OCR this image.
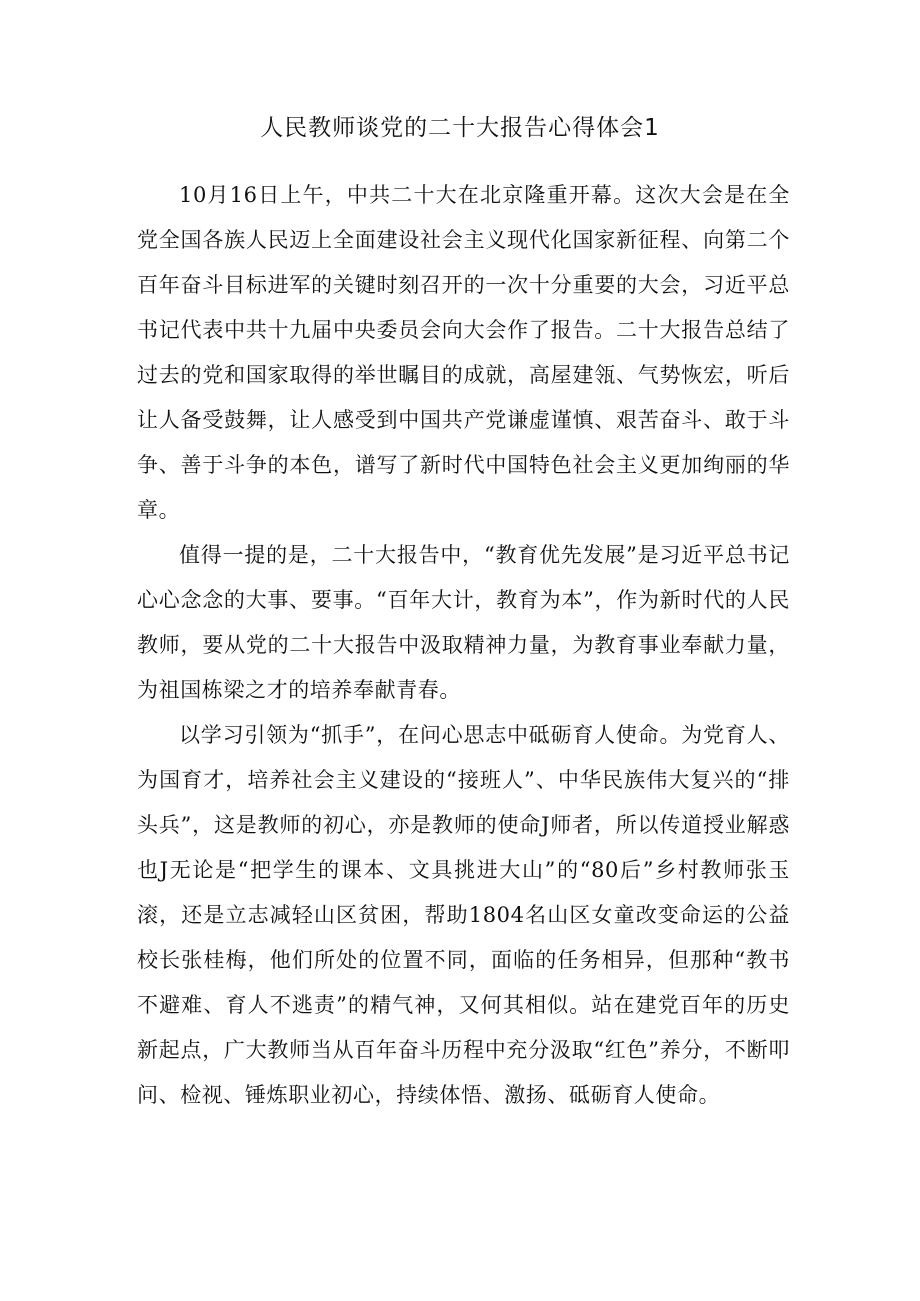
人民教师谈党的二十大报告心得体会1

10月16日上午，中共二十大在北京隆重开幕。这次大会是在全党全国各族人民迈上全面建设社会主义现代化国家新征程、向第二个百年奋斗目标进军的关键时刻召开的一次十分重要的大会，习近平总书记代表中共十九届中央委员会向大会作了报告。二十大报告总结了过去的党和国家取得的举世瞩目的成就，高屋建瓴、气势恢宏，听后让人备受鼓舞，让人感受到中国共产党谦虚谨慎、艰苦奋斗、敢于斗争、善于斗争的本色，谱写了新时代中国特色社会主义更加绚丽的华章。

值得一提的是，二十大报告中，“教育优先发展”是习近平总书记心心念念的大事、要事。“百年大计，教育为本”，作为新时代的人民教师，要从党的二十大报告中汲取精神力量，为教育事业奉献力量，为祖国栋梁之才的培养奉献青春。

以学习引领为“抓手”，在问心思志中砥砺育人使命。为党育人、为国育才，培养社会主义建设的“接班人”、中华民族伟大复兴的“排头兵”，这是教师的初心，亦是教师的使命J师者，所以传道授业解惑也J无论是“把学生的课本、文具挑进大山”的“80后”乡村教师张玉滚，还是立志减轻山区贫困，帮助1804名山区女童改变命运的公益校长张桂梅，他们所处的位置不同，面临的任务相异，但那种“教书不避难、育人不逃责”的精气神，又何其相似。站在建党百年的历史新起点，广大教师当从百年奋斗历程中充分汲取“红色”养分，不断叩问、检视、锤炼职业初心，持续体悟、激扬、砥砺育人使命。
